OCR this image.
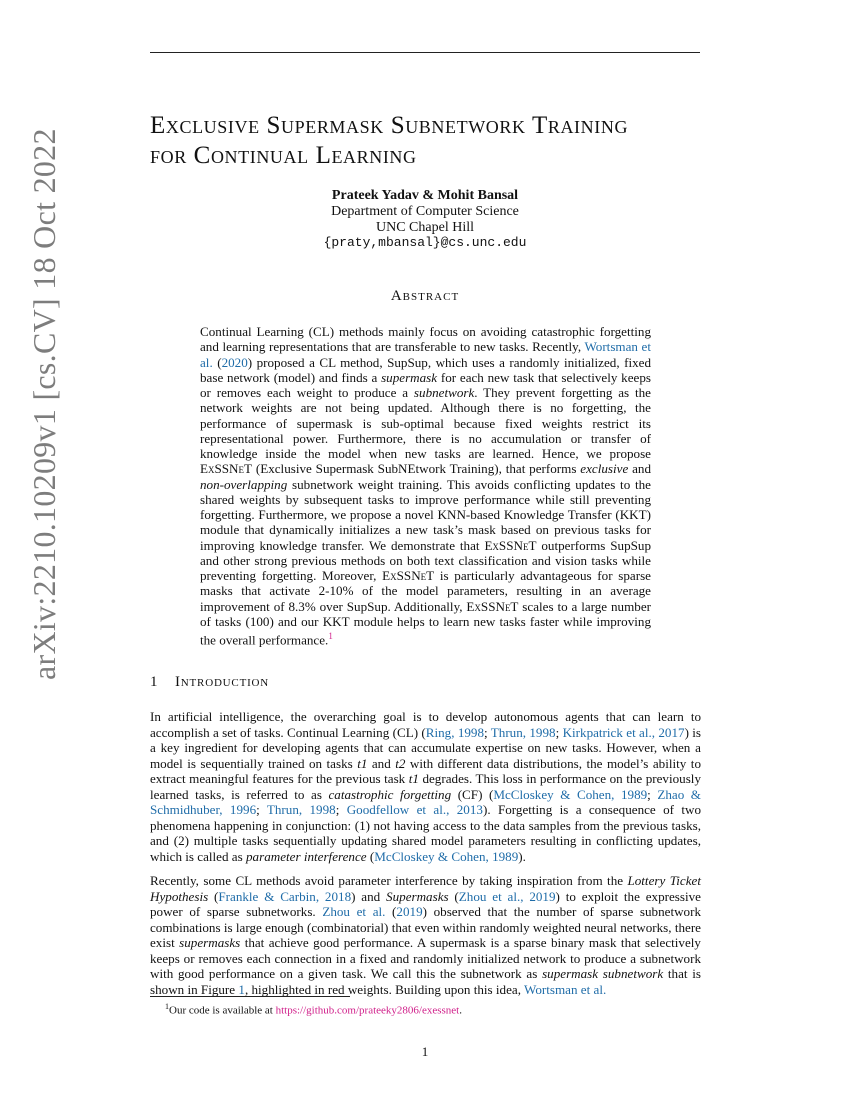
arXiv:2210.10209v1 [cs.CV] 18 Oct 2022
Exclusive Supermask Subnetwork Training
for Continual Learning
Prateek Yadav & Mohit Bansal
Department of Computer Science
UNC Chapel Hill
{praty,mbansal}@cs.unc.edu
Abstract

Continual Learning (CL) methods mainly focus on avoiding catastrophic forgetting and learning representations that are transferable to new tasks. Recently, Wortsman et al. (2020) proposed a CL method, SupSup, which uses a randomly initialized, fixed base network (model) and finds a supermask for each new task that selectively keeps or removes each weight to produce a subnetwork. They prevent forgetting as the network weights are not being updated. Although there is no forgetting, the performance of supermask is sub-optimal because fixed weights restrict its representational power. Furthermore, there is no accumulation or transfer of knowledge inside the model when new tasks are learned. Hence, we propose ExSSNeT (Exclusive Supermask SubNEtwork Training), that performs exclusive and non-overlapping subnetwork weight training. This avoids conflicting updates to the shared weights by subsequent tasks to improve performance while still preventing forgetting. Furthermore, we propose a novel KNN-based Knowledge Transfer (KKT) module that dynamically initializes a new task’s mask based on previous tasks for improving knowledge transfer. We demonstrate that ExSSNeT outperforms SupSup and other strong previous methods on both text classification and vision tasks while preventing forgetting. Moreover, ExSSNeT is particularly advantageous for sparse masks that activate 2-10% of the model parameters, resulting in an average improvement of 8.3% over SupSup. Additionally, ExSSNeT scales to a large number of tasks (100) and our KKT module helps to learn new tasks faster while improving the overall performance.$^1$

1 Introduction

In artificial intelligence, the overarching goal is to develop autonomous agents that can learn to accomplish a set of tasks. Continual Learning (CL) (Ring, 1998; Thrun, 1998; Kirkpatrick et al., 2017) is a key ingredient for developing agents that can accumulate expertise on new tasks. However, when a model is sequentially trained on tasks t1 and t2 with different data distributions, the model’s ability to extract meaningful features for the previous task t1 degrades. This loss in performance on the previously learned tasks, is referred to as catastrophic forgetting (CF) (McCloskey & Cohen, 1989; Zhao & Schmidhuber, 1996; Thrun, 1998; Goodfellow et al., 2013). Forgetting is a consequence of two phenomena happening in conjunction: (1) not having access to the data samples from the previous tasks, and (2) multiple tasks sequentially updating shared model parameters resulting in conflicting updates, which is called as parameter interference (McCloskey & Cohen, 1989).

Recently, some CL methods avoid parameter interference by taking inspiration from the Lottery Ticket Hypothesis (Frankle & Carbin, 2018) and Supermasks (Zhou et al., 2019) to exploit the expressive power of sparse subnetworks. Zhou et al. (2019) observed that the number of sparse subnetwork combinations is large enough (combinatorial) that even within randomly weighted neural networks, there exist supermasks that achieve good performance. A supermask is a sparse binary mask that selectively keeps or removes each connection in a fixed and randomly initialized network to produce a subnetwork with good performance on a given task. We call this the subnetwork as supermask subnetwork that is shown in Figure 1, highlighted in red weights. Building upon this idea, Wortsman et al.

$^1$Our code is available at https://github.com/prateeky2806/exessnet.
1
